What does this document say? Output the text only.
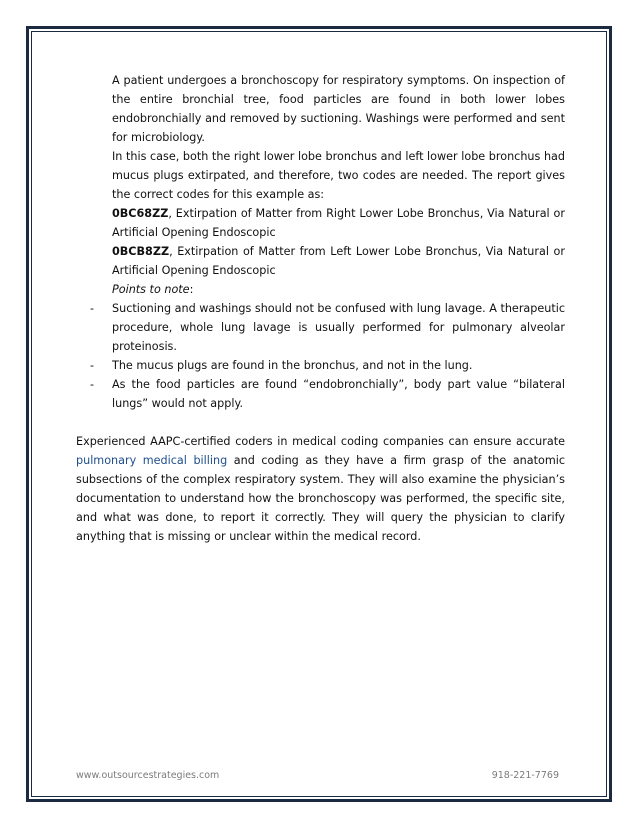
A patient undergoes a bronchoscopy for respiratory symptoms. On inspection of the entire bronchial tree, food particles are found in both lower lobes endobronchially and removed by suctioning. Washings were performed and sent for microbiology.

In this case, both the right lower lobe bronchus and left lower lobe bronchus had mucus plugs extirpated, and therefore, two codes are needed. The report gives the correct codes for this example as:

0BC68ZZ, Extirpation of Matter from Right Lower Lobe Bronchus, Via Natural or Artificial Opening Endoscopic

0BCB8ZZ, Extirpation of Matter from Left Lower Lobe Bronchus, Via Natural or Artificial Opening Endoscopic

Points to note:

- Suctioning and washings should not be confused with lung lavage. A therapeutic procedure, whole lung lavage is usually performed for pulmonary alveolar proteinosis.
- The mucus plugs are found in the bronchus, and not in the lung.
- As the food particles are found “endobronchially”, body part value “bilateral lungs” would not apply.

Experienced AAPC-certified coders in medical coding companies can ensure accurate pulmonary medical billing and coding as they have a firm grasp of the anatomic subsections of the complex respiratory system. They will also examine the physician’s documentation to understand how the bronchoscopy was performed, the specific site, and what was done, to report it correctly. They will query the physician to clarify anything that is missing or unclear within the medical record.

www.outsourcestrategies.com	918-221-7769
